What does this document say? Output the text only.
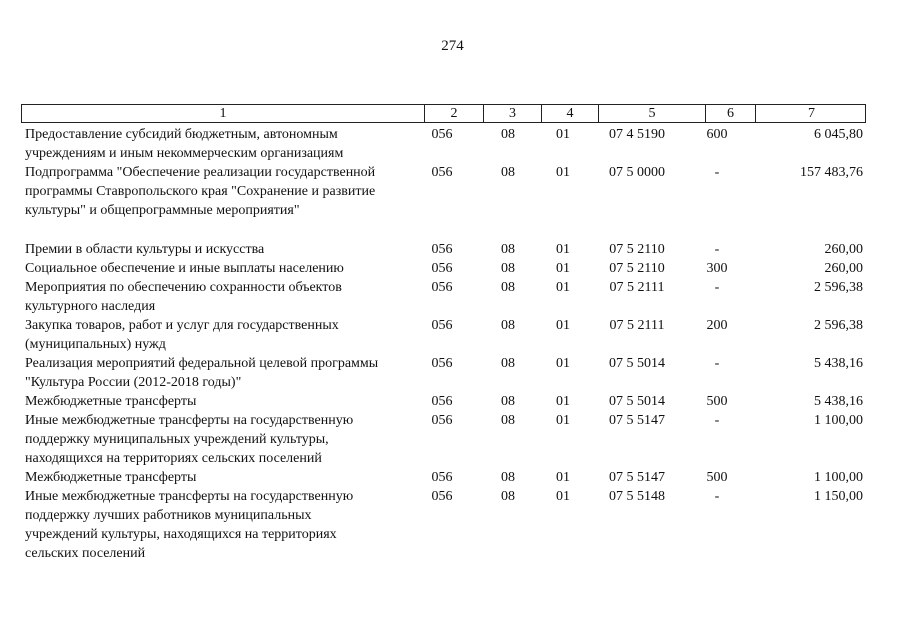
274
1	2	3	4	5	6	7
Предоставление субсидий бюджетным, автономным
учреждениям и иным некоммерческим организациям
056	08	01	07 4 5190	600	6 045,80
Подпрограмма "Обеспечение реализации государственной
программы Ставропольского края "Сохранение и развитие
культуры" и общепрограммные мероприятия"
056	08	01	07 5 0000	-	157 483,76
Премии в области культуры и искусства	056	08	01	07 5 2110	-	260,00
Социальное обеспечение и иные выплаты населению	056	08	01	07 5 2110	300	260,00
Мероприятия по обеспечению сохранности объектов
культурного наследия
056	08	01	07 5 2111	-	2 596,38
Закупка товаров, работ и услуг для государственных
(муниципальных) нужд
056	08	01	07 5 2111	200	2 596,38
Реализация мероприятий федеральной целевой программы
"Культура России (2012-2018 годы)"
056	08	01	07 5 5014	-	5 438,16
Межбюджетные трансферты	056	08	01	07 5 5014	500	5 438,16
Иные межбюджетные трансферты на государственную
поддержку муниципальных учреждений культуры,
находящихся на территориях сельских поселений
056	08	01	07 5 5147	-	1 100,00
Межбюджетные трансферты	056	08	01	07 5 5147	500	1 100,00
Иные межбюджетные трансферты на государственную
поддержку лучших работников муниципальных
учреждений культуры, находящихся на территориях
сельских поселений
056	08	01	07 5 5148	-	1 150,00
